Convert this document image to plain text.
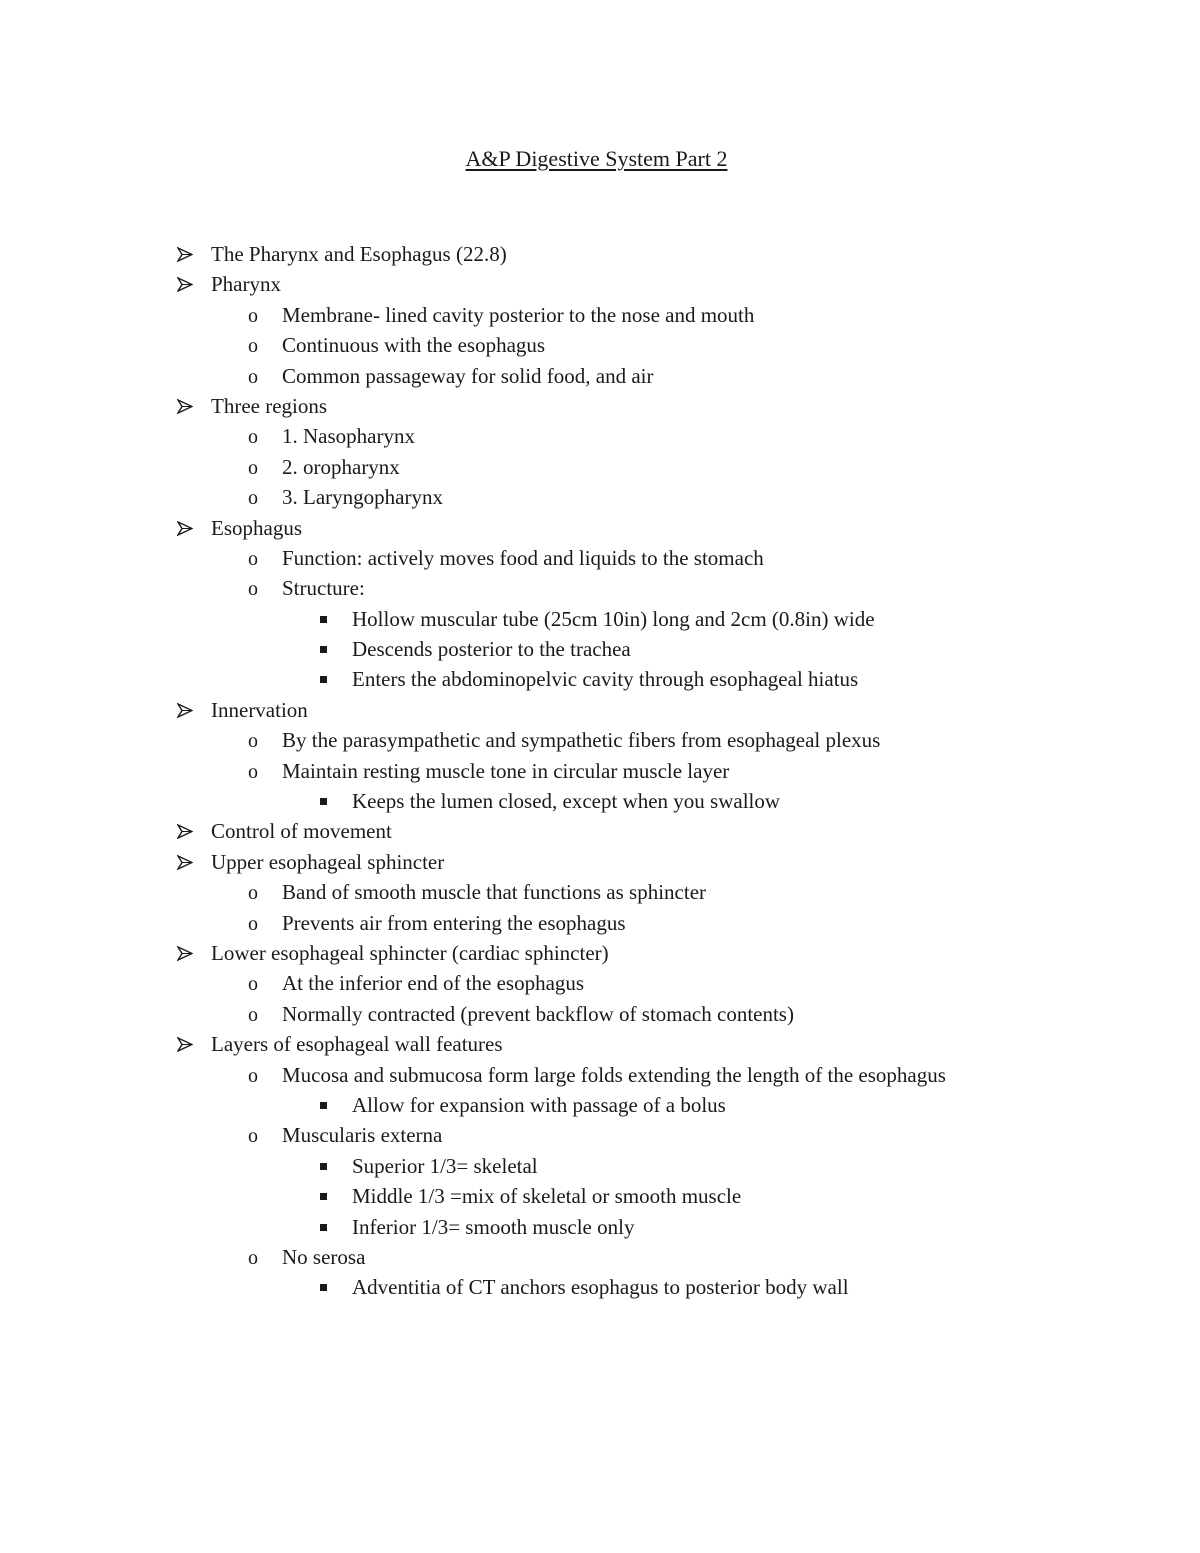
A&P Digestive System Part 2
The Pharynx and Esophagus (22.8)
Pharynx
o	Membrane- lined cavity posterior to the nose and mouth
o	Continuous with the esophagus
o	Common passageway for solid food, and air
Three regions
o	1. Nasopharynx
o	2. oropharynx
o	3. Laryngopharynx
Esophagus
o	Function: actively moves food and liquids to the stomach
o	Structure:
Hollow muscular tube (25cm 10in) long and 2cm (0.8in) wide
Descends posterior to the trachea
Enters the abdominopelvic cavity through esophageal hiatus
Innervation
o	By the parasympathetic and sympathetic fibers from esophageal plexus
o	Maintain resting muscle tone in circular muscle layer
Keeps the lumen closed, except when you swallow
Control of movement
Upper esophageal sphincter
o	Band of smooth muscle that functions as sphincter
o	Prevents air from entering the esophagus
Lower esophageal sphincter (cardiac sphincter)
o	At the inferior end of the esophagus
o	Normally contracted (prevent backflow of stomach contents)
Layers of esophageal wall features
o	Mucosa and submucosa form large folds extending the length of the esophagus
Allow for expansion with passage of a bolus
o	Muscularis externa
Superior 1/3= skeletal
Middle 1/3 =mix of skeletal or smooth muscle
Inferior 1/3= smooth muscle only
o	No serosa
Adventitia of CT anchors esophagus to posterior body wall
